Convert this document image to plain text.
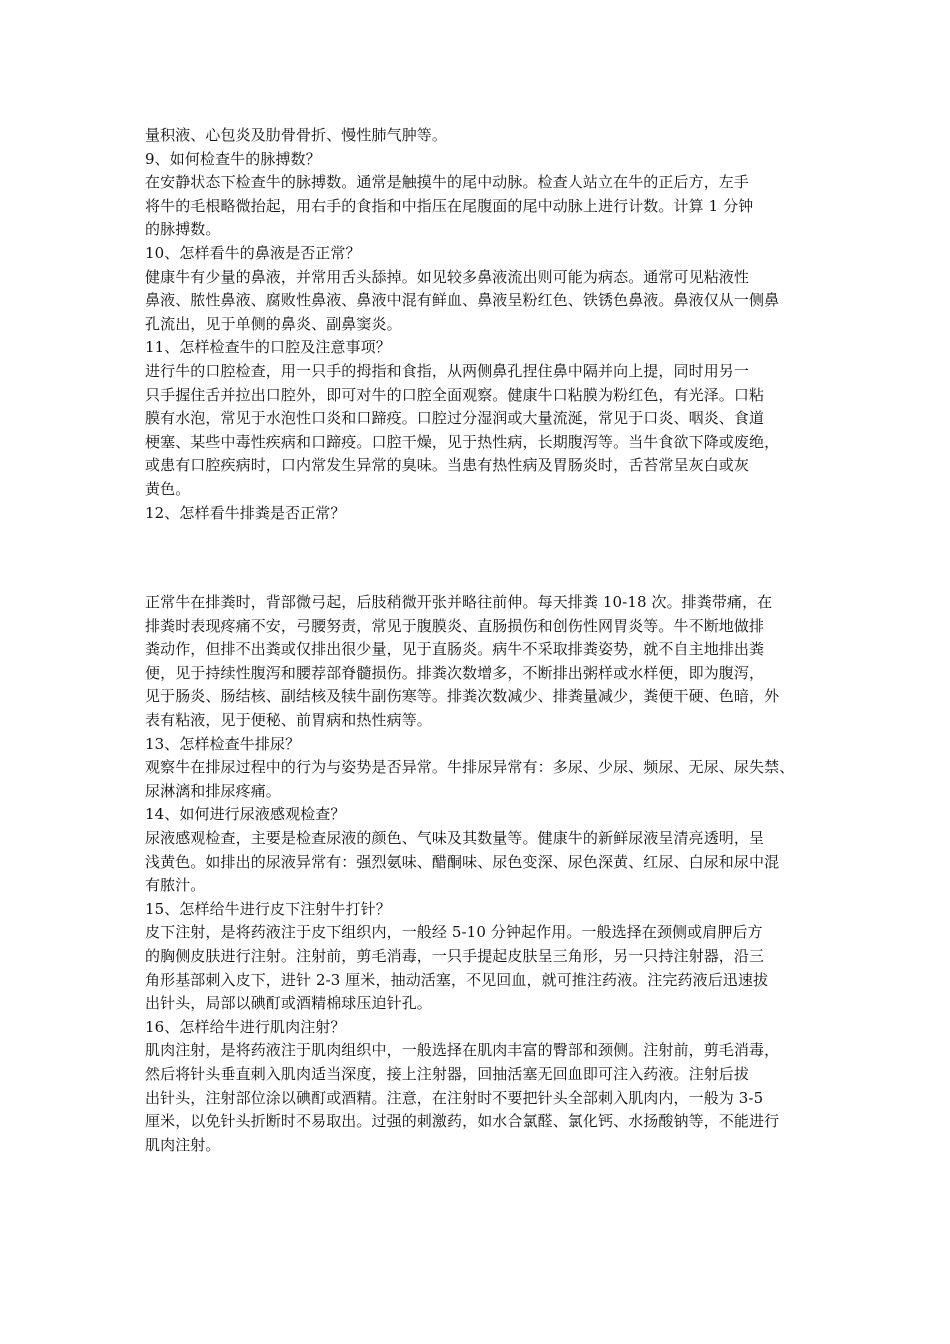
量积液、心包炎及肋骨骨折、慢性肺气肿等。
9、如何检查牛的脉搏数？
在安静状态下检查牛的脉搏数。通常是触摸牛的尾中动脉。检查人站立在牛的正后方，左手
将牛的毛根略微抬起，用右手的食指和中指压在尾腹面的尾中动脉上进行计数。计算 1 分钟
的脉搏数。
10、怎样看牛的鼻液是否正常？
健康牛有少量的鼻液，并常用舌头舔掉。如见较多鼻液流出则可能为病态。通常可见粘液性
鼻液、脓性鼻液、腐败性鼻液、鼻液中混有鲜血、鼻液呈粉红色、铁锈色鼻液。鼻液仅从一侧鼻
孔流出，见于单侧的鼻炎、副鼻窦炎。
11、怎样检查牛的口腔及注意事项？
进行牛的口腔检查，用一只手的拇指和食指，从两侧鼻孔捏住鼻中隔并向上提，同时用另一
只手握住舌并拉出口腔外，即可对牛的口腔全面观察。健康牛口粘膜为粉红色，有光泽。口粘
膜有水泡，常见于水泡性口炎和口蹄疫。口腔过分湿润或大量流涎，常见于口炎、咽炎、食道
梗塞、某些中毒性疾病和口蹄疫。口腔干燥，见于热性病，长期腹泻等。当牛食欲下降或废绝，
或患有口腔疾病时，口内常发生异常的臭味。当患有热性病及胃肠炎时，舌苔常呈灰白或灰
黄色。
12、怎样看牛排粪是否正常？
正常牛在排粪时，背部微弓起，后肢稍微开张并略往前伸。每天排粪 10-18 次。排粪带痛，在
排粪时表现疼痛不安，弓腰努责，常见于腹膜炎、直肠损伤和创伤性网胃炎等。牛不断地做排
粪动作，但排不出粪或仅排出很少量，见于直肠炎。病牛不采取排粪姿势，就不自主地排出粪
便，见于持续性腹泻和腰荐部脊髓损伤。排粪次数增多，不断排出粥样或水样便，即为腹泻，
见于肠炎、肠结核、副结核及犊牛副伤寒等。排粪次数减少、排粪量减少，粪便干硬、色暗，外
表有粘液，见于便秘、前胃病和热性病等。
13、怎样检查牛排尿？
观察牛在排尿过程中的行为与姿势是否异常。牛排尿异常有：多尿、少尿、频尿、无尿、尿失禁、
尿淋漓和排尿疼痛。
14、如何进行尿液感观检查？
尿液感观检查，主要是检查尿液的颜色、气味及其数量等。健康牛的新鲜尿液呈清亮透明，呈
浅黄色。如排出的尿液异常有：强烈氨味、醋酮味、尿色变深、尿色深黄、红尿、白尿和尿中混
有脓汁。
15、怎样给牛进行皮下注射牛打针？
皮下注射，是将药液注于皮下组织内，一般经 5-10 分钟起作用。一般选择在颈侧或肩胛后方
的胸侧皮肤进行注射。注射前，剪毛消毒，一只手提起皮肤呈三角形，另一只持注射器，沿三
角形基部刺入皮下，进针 2-3 厘米，抽动活塞，不见回血，就可推注药液。注完药液后迅速拔
出针头，局部以碘酊或酒精棉球压迫针孔。
16、怎样给牛进行肌肉注射？
肌肉注射，是将药液注于肌肉组织中，一般选择在肌肉丰富的臀部和颈侧。注射前，剪毛消毒，
然后将针头垂直刺入肌肉适当深度，接上注射器，回抽活塞无回血即可注入药液。注射后拔
出针头，注射部位涂以碘酊或酒精。注意，在注射时不要把针头全部刺入肌肉内，一般为 3-5
厘米，以免针头折断时不易取出。过强的刺激药，如水合氯醛、氯化钙、水扬酸钠等，不能进行
肌肉注射。
